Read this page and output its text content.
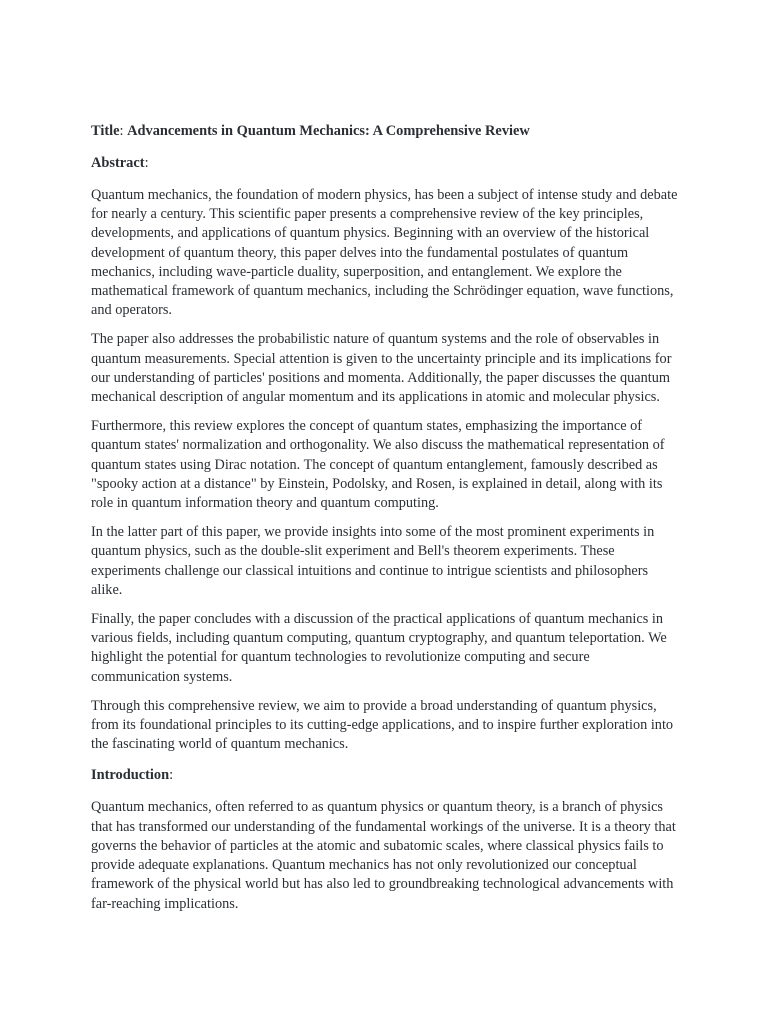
Title: Advancements in Quantum Mechanics: A Comprehensive Review
Abstract:

Quantum mechanics, the foundation of modern physics, has been a subject of intense study and debate for nearly a century. This scientific paper presents a comprehensive review of the key principles, developments, and applications of quantum physics. Beginning with an overview of the historical development of quantum theory, this paper delves into the fundamental postulates of quantum mechanics, including wave-particle duality, superposition, and entanglement. We explore the mathematical framework of quantum mechanics, including the Schrödinger equation, wave functions, and operators.

The paper also addresses the probabilistic nature of quantum systems and the role of observables in quantum measurements. Special attention is given to the uncertainty principle and its implications for our understanding of particles' positions and momenta. Additionally, the paper discusses the quantum mechanical description of angular momentum and its applications in atomic and molecular physics.

Furthermore, this review explores the concept of quantum states, emphasizing the importance of quantum states' normalization and orthogonality. We also discuss the mathematical representation of quantum states using Dirac notation. The concept of quantum entanglement, famously described as "spooky action at a distance" by Einstein, Podolsky, and Rosen, is explained in detail, along with its role in quantum information theory and quantum computing.

In the latter part of this paper, we provide insights into some of the most prominent experiments in quantum physics, such as the double-slit experiment and Bell's theorem experiments. These experiments challenge our classical intuitions and continue to intrigue scientists and philosophers alike.

Finally, the paper concludes with a discussion of the practical applications of quantum mechanics in various fields, including quantum computing, quantum cryptography, and quantum teleportation. We highlight the potential for quantum technologies to revolutionize computing and secure communication systems.

Through this comprehensive review, we aim to provide a broad understanding of quantum physics, from its foundational principles to its cutting-edge applications, and to inspire further exploration into the fascinating world of quantum mechanics.

Introduction:

Quantum mechanics, often referred to as quantum physics or quantum theory, is a branch of physics that has transformed our understanding of the fundamental workings of the universe. It is a theory that governs the behavior of particles at the atomic and subatomic scales, where classical physics fails to provide adequate explanations. Quantum mechanics has not only revolutionized our conceptual framework of the physical world but has also led to groundbreaking technological advancements with far-reaching implications.
